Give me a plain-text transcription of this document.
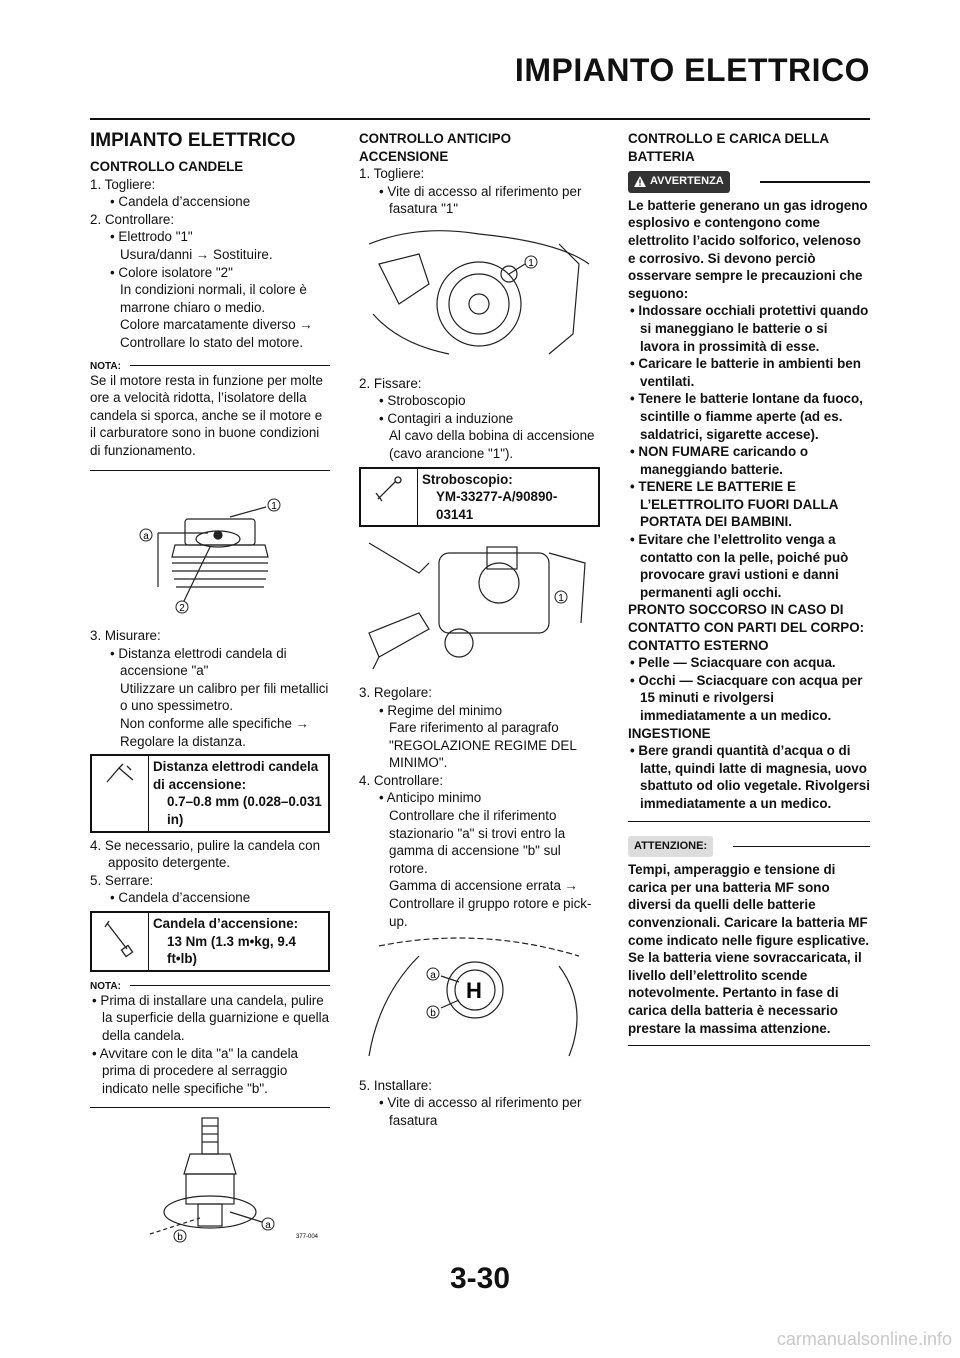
IMPIANTO ELETTRICO
IMPIANTO ELETTRICO

CONTROLLO CANDELE

1. Togliere:

• Candela d’accensione

2. Controllare:

• Elettrodo "1"

Usura/danni → Sostituire.

• Colore isolatore "2"

In condizioni normali, il colore è marrone chiaro o medio.

Colore marcatamente diverso → Controllare lo stato del motore.

NOTA:

Se il motore resta in funzione per molte ore a velocità ridotta, l’isolatore della candela si sporca, anche se il motore e il carburatore sono in buone condizioni di funzionamento.

a
1
2

3. Misurare:

• Distanza elettrodi candela di accensione "a"

Utilizzare un calibro per fili metallici o uno spessimetro.

Non conforme alle specifiche → Regolare la distanza.

Distanza elettrodi candela di accensione:
0.7–0.8 mm (0.028–0.031 in)

4. Se necessario, pulire la candela con apposito detergente.

5. Serrare:

• Candela d’accensione

Candela d’accensione:
13 Nm (1.3 m•kg, 9.4 ft•lb)
NOTA:

• Prima di installare una candela, pulire la superficie della guarnizione e quella della candela.

• Avvitare con le dita "a" la candela prima di procedere al serraggio indicato nelle specifiche "b".

a
b	377-004

CONTROLLO ANTICIPO ACCENSIONE

1. Togliere:

• Vite di accesso al riferimento per fasatura "1"

1

2. Fissare:

• Stroboscopio

• Contagiri a induzione

Al cavo della bobina di accensione (cavo arancione "1").

Stroboscopio:
YM-33277-A/90890-03141
1

3. Regolare:

• Regime del minimo

Fare riferimento al paragrafo "REGOLAZIONE REGIME DEL MINIMO".

4. Controllare:

• Anticipo minimo

Controllare che il riferimento stazionario "a" si trovi entro la gamma di accensione "b" sul rotore.

Gamma di accensione errata → Controllare il gruppo rotore e pick-up.

H
a
b

5. Installare:

• Vite di accesso al riferimento per fasatura

CONTROLLO E CARICA DELLA BATTERIA

AVVERTENZA

Le batterie generano un gas idrogeno esplosivo e contengono come elettrolito l’acido solforico, velenoso e corrosivo. Si devono perciò osservare sempre le precauzioni che seguono:

• Indossare occhiali protettivi quando si maneggiano le batterie o si lavora in prossimità di esse.

• Caricare le batterie in ambienti ben ventilati.

• Tenere le batterie lontane da fuoco, scintille o fiamme aperte (ad es. saldatrici, sigarette accese).

• NON FUMARE caricando o maneggiando batterie.

• TENERE LE BATTERIE E L’ELETTROLITO FUORI DALLA PORTATA DEI BAMBINI.

• Evitare che l’elettrolito venga a contatto con la pelle, poiché può provocare gravi ustioni e danni permanenti agli occhi.

PRONTO SOCCORSO IN CASO DI CONTATTO CON PARTI DEL CORPO:

CONTATTO ESTERNO

• Pelle — Sciacquare con acqua.

• Occhi — Sciacquare con acqua per 15 minuti e rivolgersi immediatamente a un medico.

INGESTIONE

• Bere grandi quantità d’acqua o di latte, quindi latte di magnesia, uovo sbattuto od olio vegetale. Rivolgersi immediatamente a un medico.

ATTENZIONE:

Tempi, amperaggio e tensione di carica per una batteria MF sono diversi da quelli delle batterie convenzionali. Caricare la batteria MF come indicato nelle figure esplicative. Se la batteria viene sovraccaricata, il livello dell’elettrolito scende notevolmente. Pertanto in fase di carica della batteria è necessario prestare la massima attenzione.

3-30
carmanualsonline.info
